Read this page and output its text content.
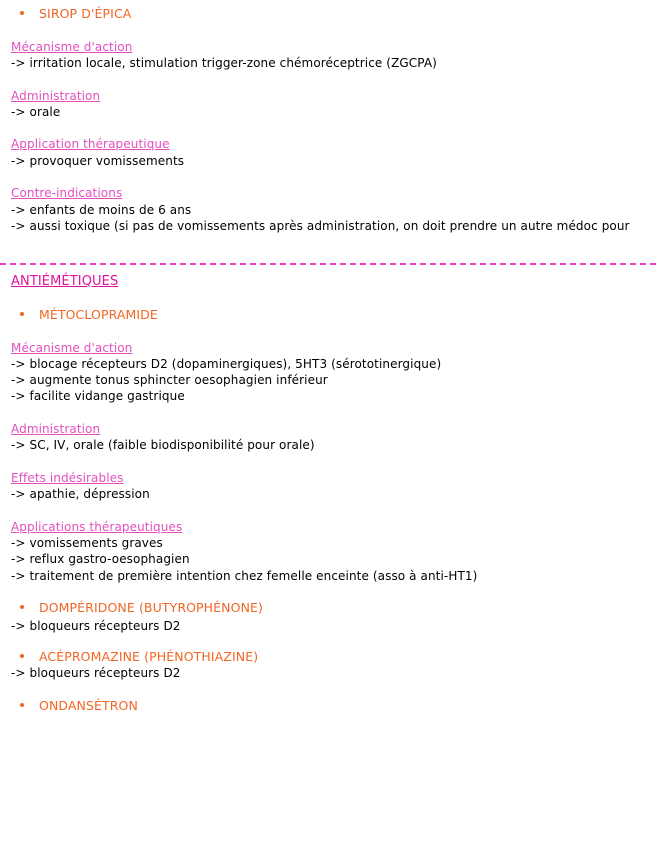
SIROP D'ÉPICA
Mécanisme d'action
-> irritation locale, stimulation trigger-zone chémoréceptrice (ZGCPA)
Administration
-> orale
Application thérapeutique
-> provoquer vomissements
Contre-indications
-> enfants de moins de 6 ans
-> aussi toxique (si pas de vomissements après administration, on doit prendre un autre médoc pour
ANTIÉMÉTIQUES
MÉTOCLOPRAMIDE
Mécanisme d'action
-> blocage récepteurs D2 (dopaminergiques), 5HT3 (sérototinergique)
-> augmente tonus sphincter oesophagien inférieur
-> facilite vidange gastrique
Administration
-> SC, IV, orale (faible biodisponibilité pour orale)
Effets indésirables
-> apathie, dépression
Applications thérapeutiques
-> vomissements graves
-> reflux gastro-oesophagien
-> traitement de première intention chez femelle enceinte (asso à anti-HT1)
DOMPÉRIDONE (BUTYROPHÉNONE)
-> bloqueurs récepteurs D2
ACÉPROMAZINE (PHÉNOTHIAZINE)
-> bloqueurs récepteurs D2
ONDANSÉTRON
